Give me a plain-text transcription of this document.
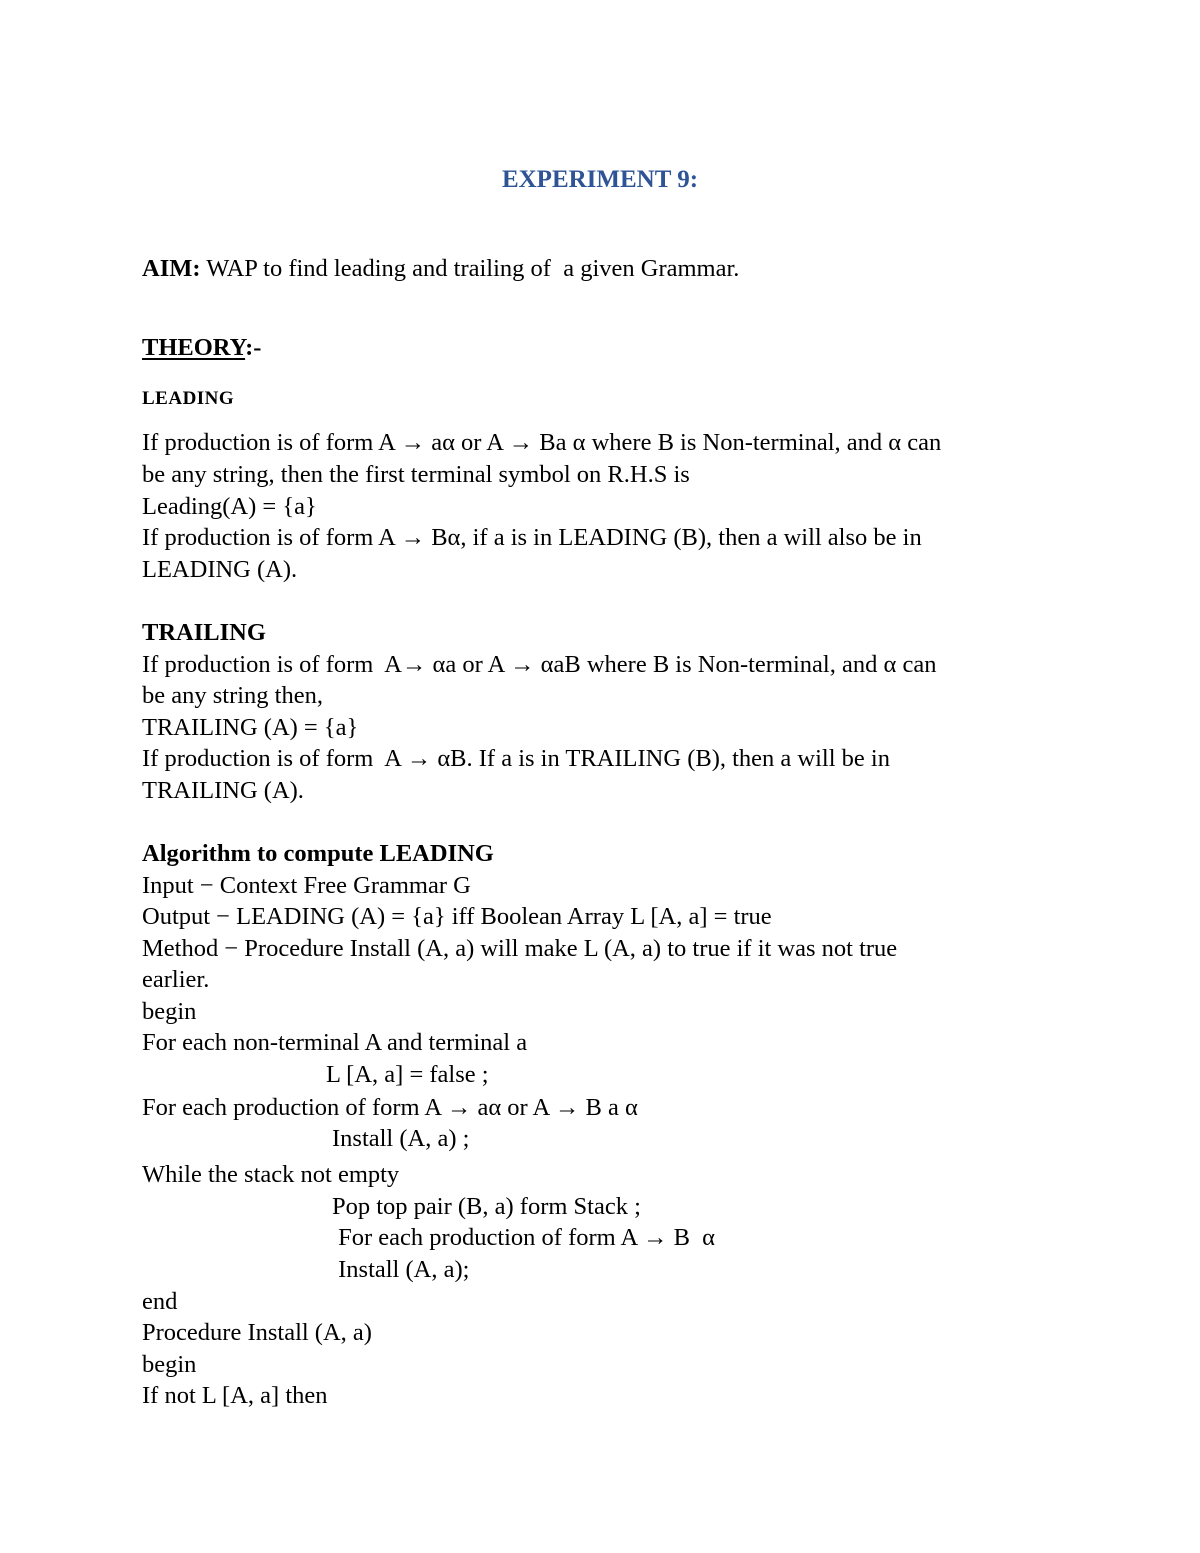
EXPERIMENT 9:
AIM: WAP to find leading and trailing of  a given Grammar.
THEORY:-
LEADING
If production is of form A → aα or A → Ba α where B is Non-terminal, and α can
be any string, then the first terminal symbol on R.H.S is
Leading(A) = {a}
If production is of form A → Bα, if a is in LEADING (B), then a will also be in
LEADING (A).
TRAILING
If production is of form  A→ αa or A → αaB where B is Non-terminal, and α can
be any string then,
TRAILING (A) = {a}
If production is of form  A → αB. If a is in TRAILING (B), then a will be in
TRAILING (A).
Algorithm to compute LEADING
Input − Context Free Grammar G
Output − LEADING (A) = {a} iff Boolean Array L [A, a] = true
Method − Procedure Install (A, a) will make L (A, a) to true if it was not true
earlier.
begin
For each non-terminal A and terminal a
L [A, a] = false ;
For each production of form A → aα or A → B a α
Install (A, a) ;
While the stack not empty
Pop top pair (B, a) form Stack ;
For each production of form A → B  α
Install (A, a);
end
Procedure Install (A, a)
begin
If not L [A, a] then
